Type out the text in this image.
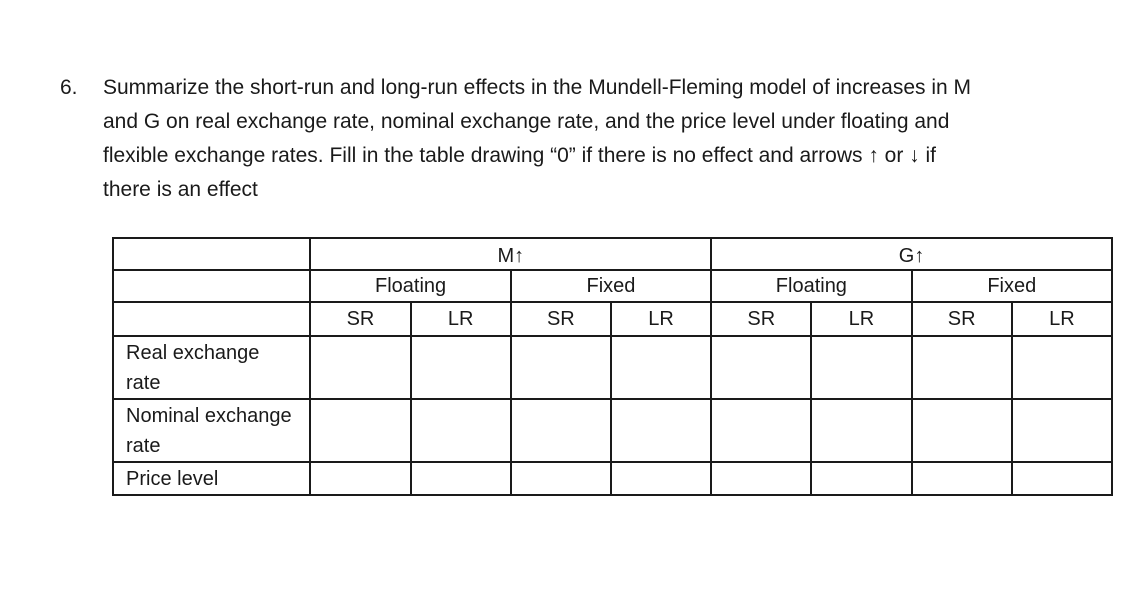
6. Summarize the short-run and long-run effects in the Mundell-Fleming model of increases in M
and G on real exchange rate, nominal exchange rate, and the price level under floating and
flexible exchange rates. Fill in the table drawing “0” if there is no effect and arrows ↑ or ↓ if
there is an effect
	M↑				G↑			
	Floating		Fixed		Floating		Fixed	
	SR	LR	SR	LR	SR	LR	SR	LR

Real exchange rate								

Nominal exchange rate								

Price level								
